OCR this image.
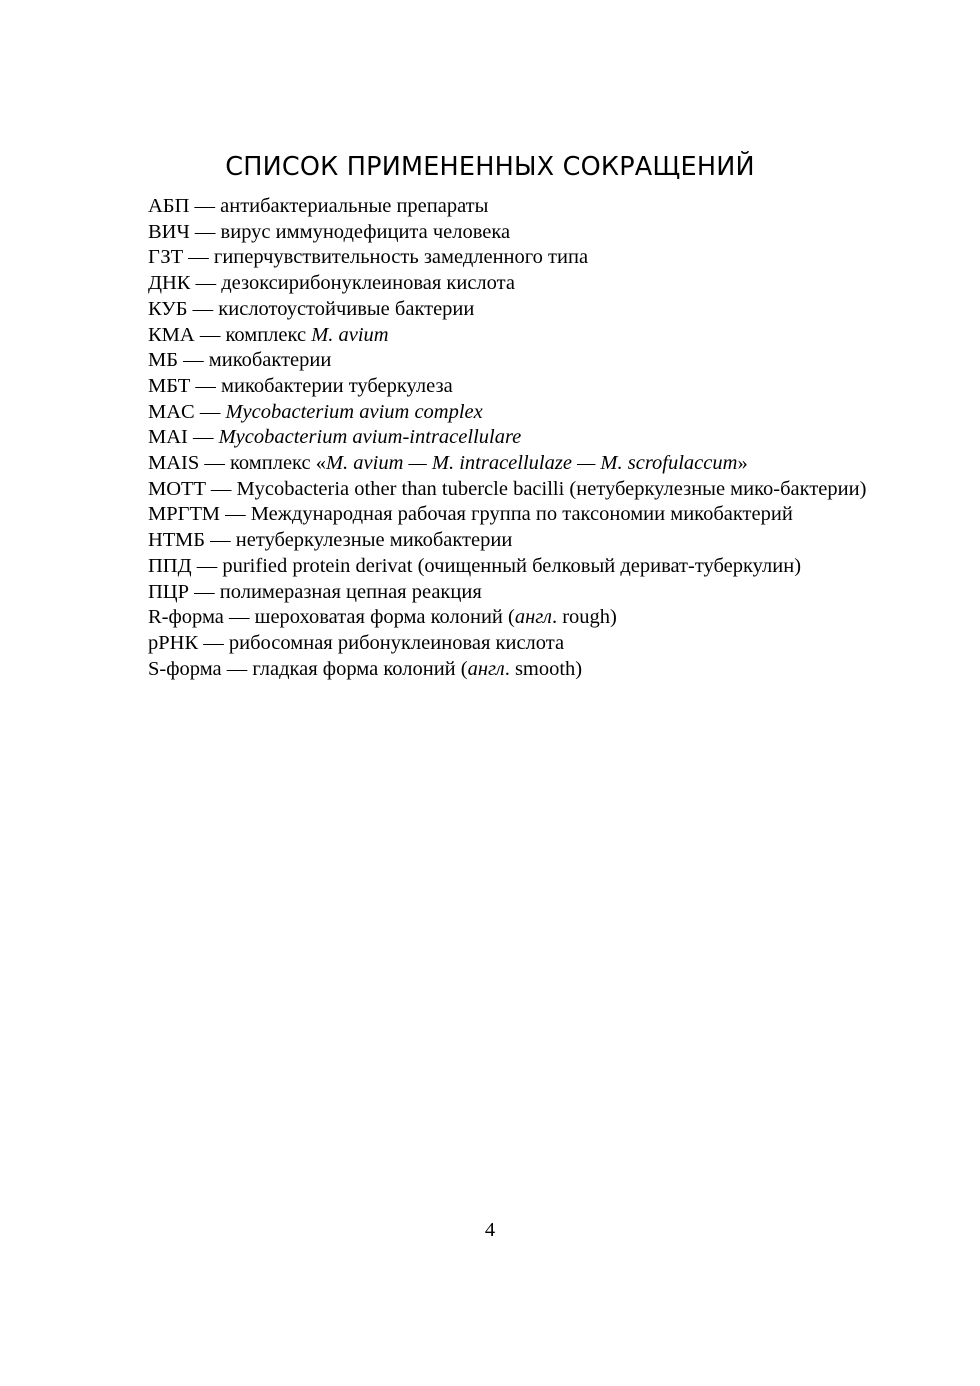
СПИСОК ПРИМЕНЕННЫХ СОКРАЩЕНИЙ

АБП — антибактериальные препараты

ВИЧ — вирус иммунодефицита человека

ГЗТ — гиперчувствительность замедленного типа

ДНК — дезоксирибонуклеиновая кислота

КУБ — кислотоустойчивые бактерии

КМА — комплекс M. avium

МБ — микобактерии

МБТ — микобактерии туберкулеза

MAC — Mycobacterium avium complex

MAI — Mycobacterium avium-intracellulare

MAIS — комплекс «M. avium — M. intracellulaze — M. scrofulaccum»

MOTT — Mycobacteria other than tubercle bacilli (нетуберкулезные мико-бактерии)

МРГТМ — Международная рабочая группа по таксономии микобактерий

НТМБ — нетуберкулезные микобактерии

ППД — purified protein derivat (очищенный белковый дериват-туберкулин)

ПЦР — полимеразная цепная реакция

R-форма — шероховатая форма колоний (англ. rough)

рРНК — рибосомная рибонуклеиновая кислота

S-форма — гладкая форма колоний (англ. smooth)

4
